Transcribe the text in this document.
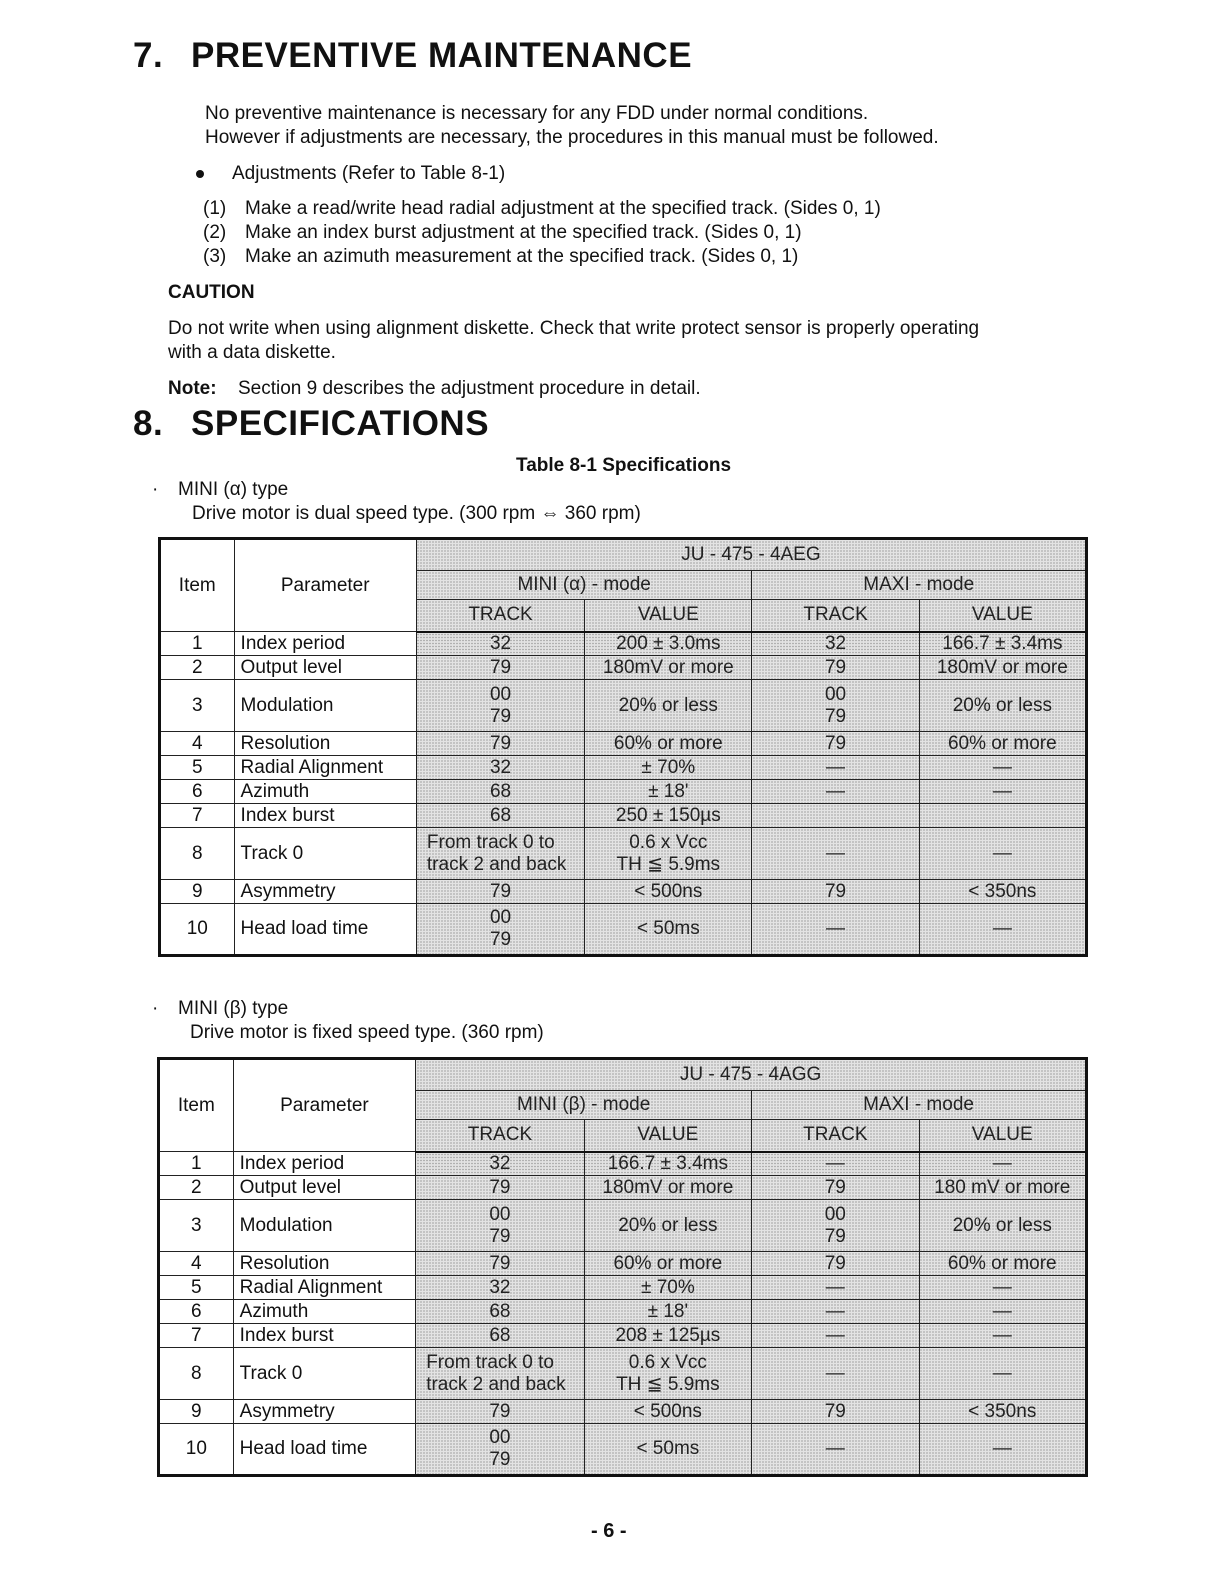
7. PREVENTIVE MAINTENANCE
No preventive maintenance is necessary for any FDD under normal conditions.
However if adjustments are necessary, the procedures in this manual must be followed.
Adjustments (Refer to Table 8-1)
(1) Make a read/write head radial adjustment at the specified track. (Sides 0, 1)
(2) Make an index burst adjustment at the specified track. (Sides 0, 1)
(3) Make an azimuth measurement at the specified track. (Sides 0, 1)
CAUTION
Do not write when using alignment diskette. Check that write protect sensor is properly operating
with a data diskette.
Note: Section 9 describes the adjustment procedure in detail.
8. SPECIFICATIONS
Table 8-1 Specifications
· MINI (α) type
Drive motor is dual speed type. (300 rpm ⇔ 360 rpm)
Item	Parameter	JU - 475 - 4AEG			
		MINI (α) - mode		MAXI - mode	
		TRACK	VALUE	TRACK	VALUE
1	Index period	32	200 ± 3.0ms	32	166.7 ± 3.4ms

2	Output level	79	180mV or more	79	180mV or more

3	Modulation	00
79	20% or less	00
79	20% or less

4	Resolution	79	60% or more	79	60% or more

5	Radial Alignment	32	± 70%	—	—

6	Azimuth	68	± 18'	—	—

7	Index burst	68	250 ± 150µs		

8	Track 0	From track 0 to
track 2 and back	0.6 x Vcc
TH ≦ 5.9ms	—	—

9	Asymmetry	79	< 500ns	79	< 350ns

10	Head load time	00
79	< 50ms	—	—
· MINI (β) type
Drive motor is fixed speed type. (360 rpm)
Item	Parameter	JU - 475 - 4AGG			
		MINI (β) - mode		MAXI - mode	
		TRACK	VALUE	TRACK	VALUE
1	Index period	32	166.7 ± 3.4ms	—	—

2	Output level	79	180mV or more	79	180 mV or more

3	Modulation	00
79	20% or less	00
79	20% or less

4	Resolution	79	60% or more	79	60% or more

5	Radial Alignment	32	± 70%	—	—

6	Azimuth	68	± 18'	—	—

7	Index burst	68	208 ± 125µs	—	—

8	Track 0	From track 0 to
track 2 and back	0.6 x Vcc
TH ≦ 5.9ms	—	—

9	Asymmetry	79	< 500ns	79	< 350ns

10	Head load time	00
79	< 50ms	—	—
- 6 -
